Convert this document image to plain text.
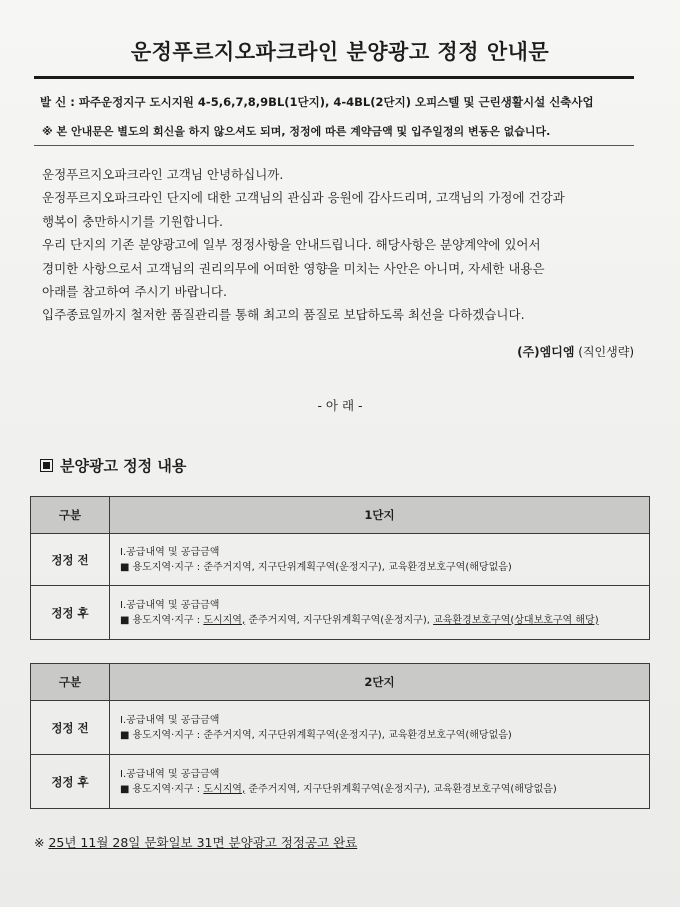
운정푸르지오파크라인 분양광고 정정 안내문
발 신 : 파주운정지구 도시지원 4-5,6,7,8,9BL(1단지), 4-4BL(2단지) 오피스텔 및 근린생활시설 신축사업
※ 본 안내문은 별도의 회신을 하지 않으셔도 되며, 정정에 따른 계약금액 및 입주일정의 변동은 없습니다.
운정푸르지오파크라인 고객님 안녕하십니까.
운정푸르지오파크라인 단지에 대한 고객님의 관심과 응원에 감사드리며, 고객님의 가정에 건강과
행복이 충만하시기를 기원합니다.
우리 단지의 기존 분양광고에 일부 정정사항을 안내드립니다. 해당사항은 분양계약에 있어서
경미한 사항으로서 고객님의 권리의무에 어떠한 영향을 미치는 사안은 아니며, 자세한 내용은
아래를 참고하여 주시기 바랍니다.
입주종료일까지 철저한 품질관리를 통해 최고의 품질로 보답하도록 최선을 다하겠습니다.
(주)엠디엠 (직인생략)
- 아 래 -
분양광고 정정 내용
구분	1단지
정정 전	Ⅰ.공급내역 및 공급금액
■ 용도지역·지구 : 준주거지역, 지구단위계획구역(운정지구), 교육환경보호구역(해당없음)

정정 후	Ⅰ.공급내역 및 공급금액
■ 용도지역·지구 : 도시지역, 준주거지역, 지구단위계획구역(운정지구), 교육환경보호구역(상대보호구역 해당)
구분	2단지
정정 전	Ⅰ.공급내역 및 공급금액
■ 용도지역·지구 : 준주거지역, 지구단위계획구역(운정지구), 교육환경보호구역(해당없음)

정정 후	Ⅰ.공급내역 및 공급금액
■ 용도지역·지구 : 도시지역, 준주거지역, 지구단위계획구역(운정지구), 교육환경보호구역(해당없음)
※ 25년 11월 28일 문화일보 31면 분양광고 정정공고 완료
